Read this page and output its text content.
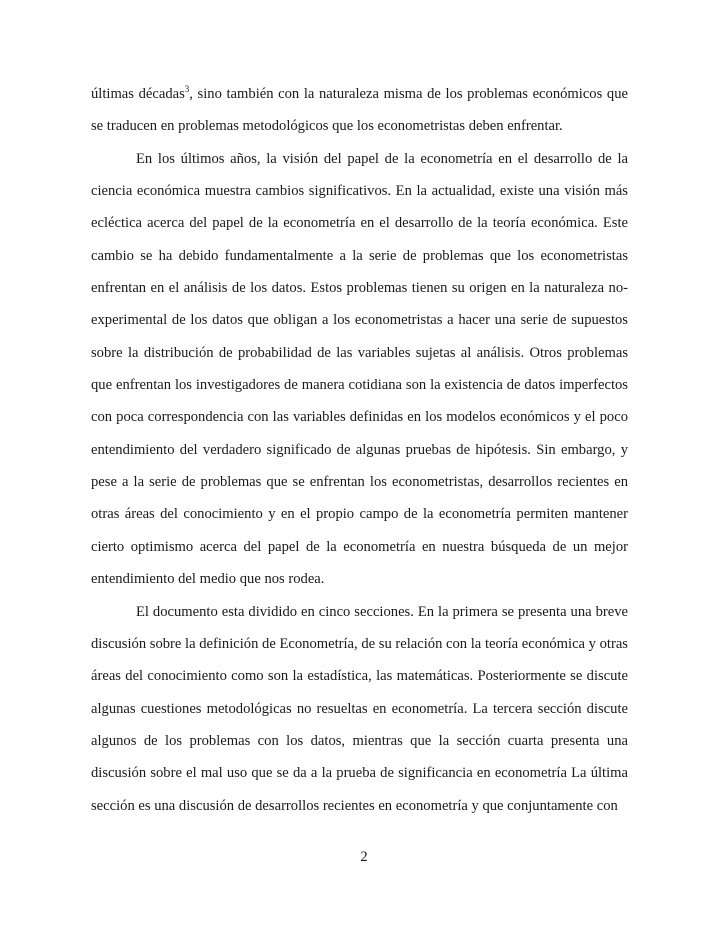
últimas décadas$^3$, sino también con la naturaleza misma de los problemas económicos que se traducen en problemas metodológicos que los econometristas deben enfrentar.

En los últimos años, la visión del papel de la econometría en el desarrollo de la ciencia económica muestra cambios significativos. En la actualidad, existe una visión más ecléctica acerca del papel de la econometría en el desarrollo de la teoría económica. Este cambio se ha debido fundamentalmente a la serie de problemas que los econometristas enfrentan en el análisis de los datos. Estos problemas tienen su origen en la naturaleza no-experimental de los datos que obligan a los econometristas a hacer una serie de supuestos sobre la distribución de probabilidad de las variables sujetas al análisis. Otros problemas que enfrentan los investigadores de manera cotidiana son la existencia de datos imperfectos con poca correspondencia con las variables definidas en los modelos económicos y el poco entendimiento del verdadero significado de algunas pruebas de hipótesis. Sin embargo, y pese a la serie de problemas que se enfrentan los econometristas, desarrollos recientes en otras áreas del conocimiento y en el propio campo de la econometría permiten mantener cierto optimismo acerca del papel de la econometría en nuestra búsqueda de un mejor entendimiento del medio que nos rodea.

El documento esta dividido en cinco secciones. En la primera se presenta una breve discusión sobre la definición de Econometría, de su relación con la teoría económica y otras áreas del conocimiento como son la estadística, las matemáticas. Posteriormente se discute algunas cuestiones metodológicas no resueltas en econometría. La tercera sección discute algunos de los problemas con los datos, mientras que la sección cuarta presenta una discusión sobre el mal uso que se da a la prueba de significancia en econometría La última sección es una discusión de desarrollos recientes en econometría y que conjuntamente con

2
